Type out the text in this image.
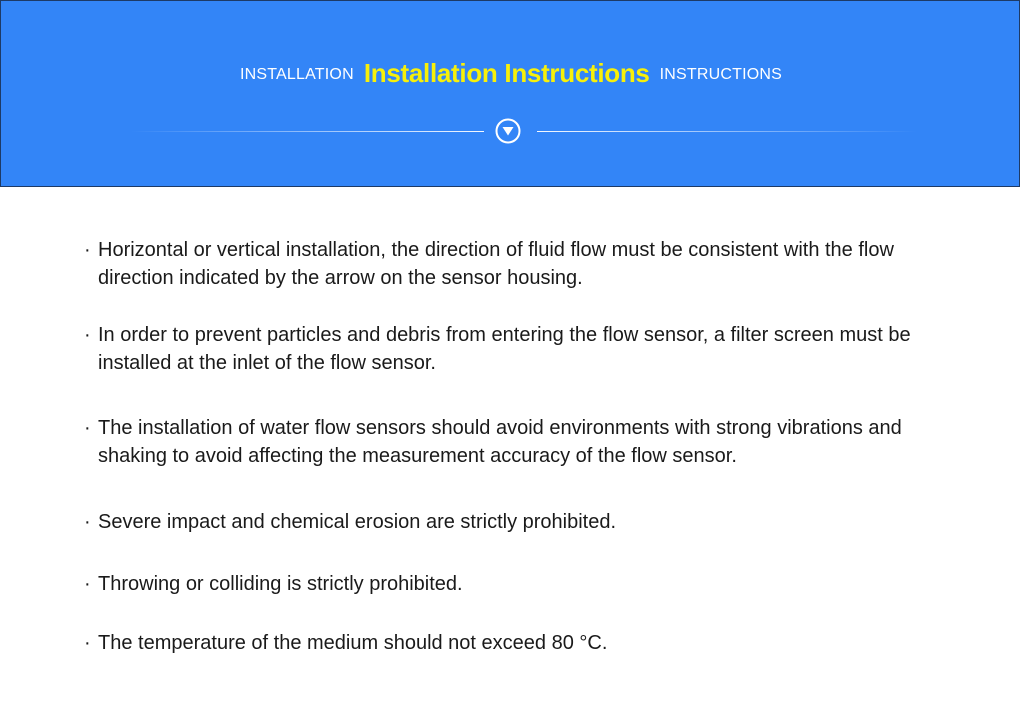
INSTALLATION Installation Instructions INSTRUCTIONS
· Horizontal or vertical installation, the direction of fluid flow must be consistent with the flow direction indicated by the arrow on the sensor housing.
· In order to prevent particles and debris from entering the flow sensor, a filter screen must be installed at the inlet of the flow sensor.
· The installation of water flow sensors should avoid environments with strong vibrations and shaking to avoid affecting the measurement accuracy of the flow sensor.
· Severe impact and chemical erosion are strictly prohibited.
· Throwing or colliding is strictly prohibited.
· The temperature of the medium should not exceed 80 °C.
